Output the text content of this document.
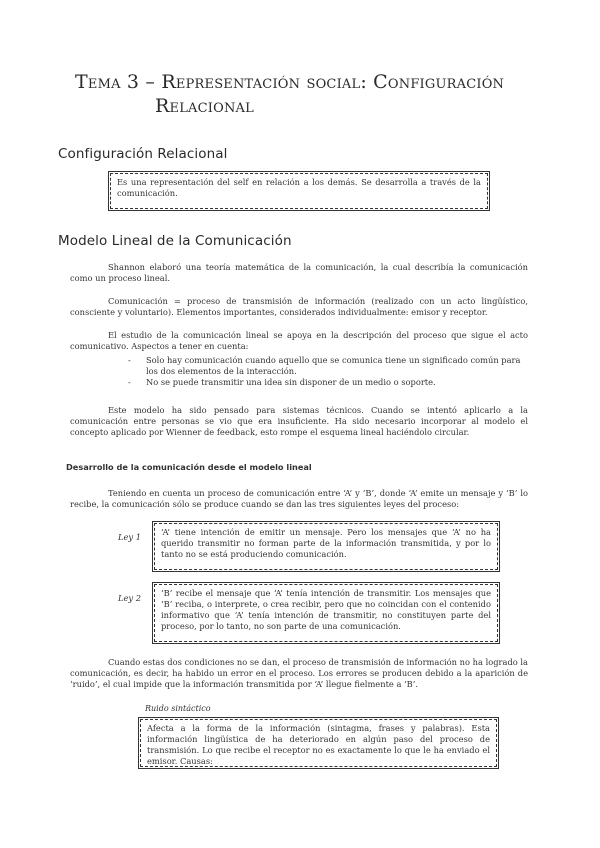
Tema 3 – Representación social: Configuración
Relacional
Configuración Relacional
Es una representación del self en relación a los demás. Se desarrolla a través de la comunicación.
Modelo Lineal de la Comunicación
Shannon elaboró una teoría matemática de la comunicación, la cual describía la comunicación como un proceso lineal.
Comunicación = proceso de transmisión de información (realizado con un acto lingüístico, consciente y voluntario). Elementos importantes, considerados individualmente: emisor y receptor.
El estudio de la comunicación lineal se apoya en la descripción del proceso que sigue el acto comunicativo. Aspectos a tener en cuenta:
- Solo hay comunicación cuando aquello que se comunica tiene un significado común para los dos elementos de la interacción.
- No se puede transmitir una idea sin disponer de un medio o soporte.
Este modelo ha sido pensado para sistemas técnicos. Cuando se intentó aplicarlo a la comunicación entre personas se vio que era insuficiente. Ha sido necesario incorporar al modelo el concepto aplicado por Wienner de feedback, esto rompe el esquema lineal haciéndolo circular.
Desarrollo de la comunicación desde el modelo lineal
Teniendo en cuenta un proceso de comunicación entre ‘A’ y ‘B’, donde ‘A’ emite un mensaje y ‘B’ lo recibe, la comunicación sólo se produce cuando se dan las tres siguientes leyes del proceso:
Ley 1	‘A’ tiene intención de emitir un mensaje. Pero los mensajes que ‘A’ no ha querido transmitir no forman parte de la información transmitida, y por lo tanto no se está produciendo comunicación.
Ley 2	‘B’ recibe el mensaje que ‘A’ tenía intención de transmitir. Los mensajes que ‘B’ reciba, o interprete, o crea recibir, pero que no coincidan con el contenido informativo que ‘A’ tenía intención de transmitir, no constituyen parte del proceso, por lo tanto, no son parte de una comunicación.
Cuando estas dos condiciones no se dan, el proceso de transmisión de información no ha logrado la comunicación, es decir, ha habido un error en el proceso. Los errores se producen debido a la aparición de ‘ruido’, el cual impide que la información transmitida por ‘A’ llegue fielmente a ‘B’.
Ruido sintáctico
Afecta a la forma de la información (sintagma, frases y palabras). Esta información lingüística de ha deteriorado en algún paso del proceso de transmisión. Lo que recibe el receptor no es exactamente lo que le ha enviado el emisor. Causas:
